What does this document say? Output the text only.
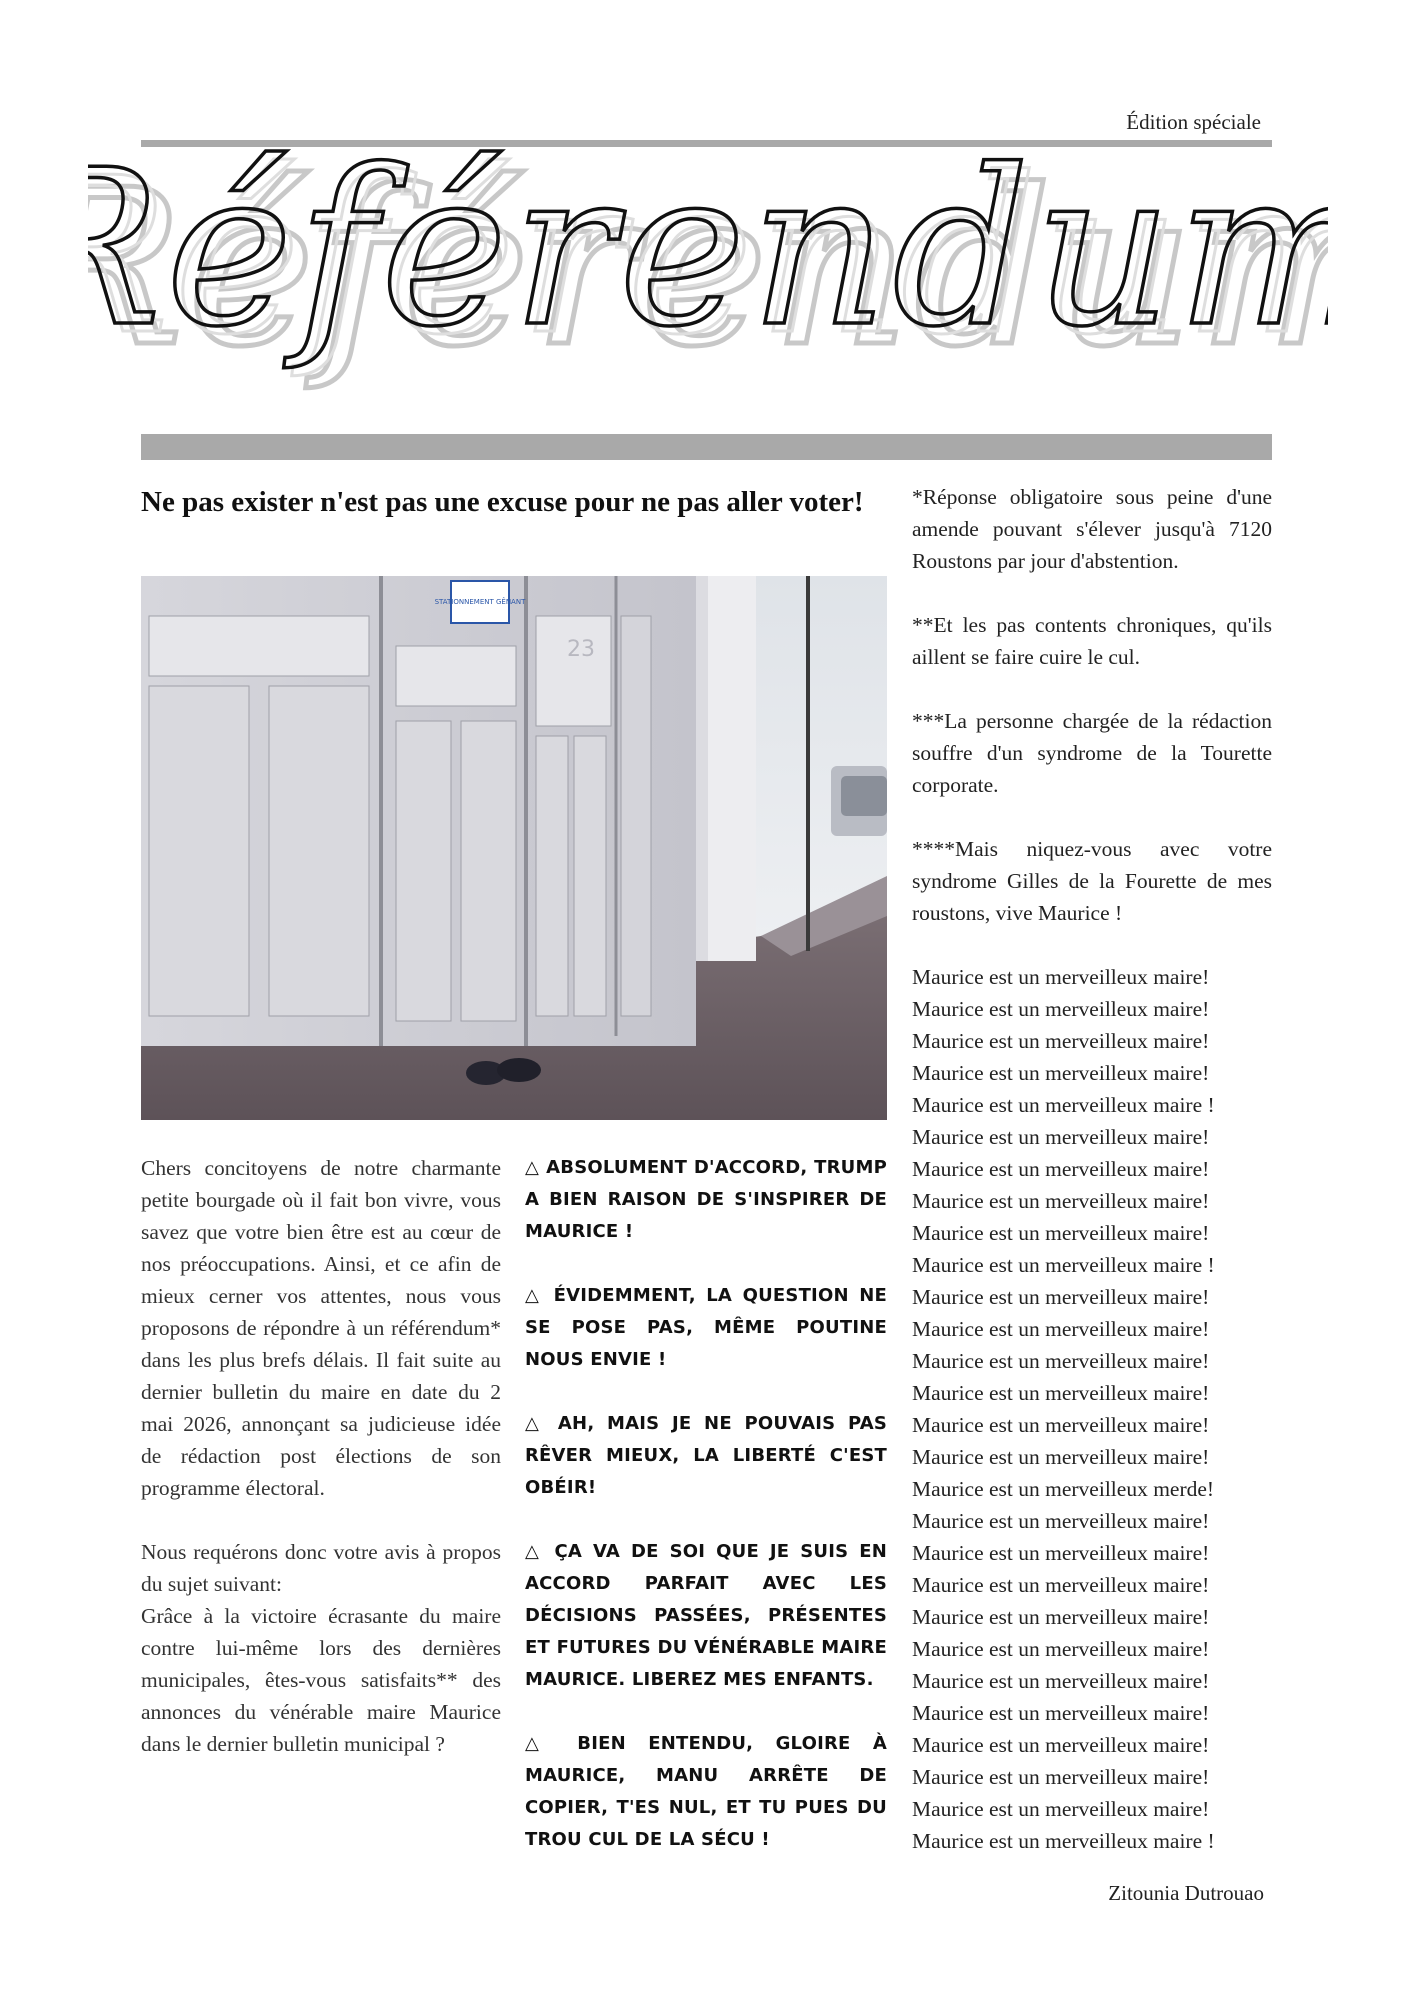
Édition spéciale
éférendu
éférendum
éférendum
Ne pas exister n'est pas une excuse pour ne pas aller voter!
STATIONNEMENT GÊNANT
23

Chers concitoyens de notre charmante petite bourgade où il fait bon vivre, vous savez que votre bien être est au cœur de nos préoccupations. Ainsi, et ce afin de mieux cerner vos attentes, nous vous proposons de répondre à un référendum* dans les plus brefs délais. Il fait suite au dernier bulletin du maire en date du 2 mai 2026, annonçant sa judicieuse idée de rédaction post élections de son programme électoral.

Nous requérons donc votre avis à propos du sujet suivant:
Grâce à la victoire écrasante du maire contre lui-même lors des dernières municipales, êtes-vous satisfaits** des annonces du vénérable maire Maurice dans le dernier bulletin municipal ?

△ ABSOLUMENT D'ACCORD, TRUMP A BIEN RAISON DE S'INSPIRER DE MAURICE !

△ ÉVIDEMMENT, LA QUESTION NE SE POSE PAS, MÊME POUTINE NOUS ENVIE !

△ AH, MAIS JE NE POUVAIS PAS RÊVER MIEUX, LA LIBERTÉ C'EST OBÉIR!

△ ÇA VA DE SOI QUE JE SUIS EN ACCORD PARFAIT AVEC LES DÉCISIONS PASSÉES, PRÉSENTES ET FUTURES DU VÉNÉRABLE MAIRE MAURICE. LIBEREZ MES ENFANTS.

△ BIEN ENTENDU, GLOIRE À MAURICE, MANU ARRÊTE DE COPIER, T'ES NUL, ET TU PUES DU TROU CUL DE LA SÉCU !

*Réponse obligatoire sous peine d'une amende pouvant s'élever jusqu'à 7120 Roustons par jour d'abstention.

**Et les pas contents chroniques, qu'ils aillent se faire cuire le cul.

***La personne chargée de la rédaction souffre d'un syndrome de la Tourette corporate.

****Mais niquez-vous avec votre syndrome Gilles de la Fourette de mes roustons, vive Maurice !

Maurice est un merveilleux maire!
Maurice est un merveilleux maire!
Maurice est un merveilleux maire!
Maurice est un merveilleux maire!
Maurice est un merveilleux maire !
Maurice est un merveilleux maire!
Maurice est un merveilleux maire!
Maurice est un merveilleux maire!
Maurice est un merveilleux maire!
Maurice est un merveilleux maire !
Maurice est un merveilleux maire!
Maurice est un merveilleux maire!
Maurice est un merveilleux maire!
Maurice est un merveilleux maire!
Maurice est un merveilleux maire!
Maurice est un merveilleux maire!
Maurice est un merveilleux merde!
Maurice est un merveilleux maire!
Maurice est un merveilleux maire!
Maurice est un merveilleux maire!
Maurice est un merveilleux maire!
Maurice est un merveilleux maire!
Maurice est un merveilleux maire!
Maurice est un merveilleux maire!
Maurice est un merveilleux maire!
Maurice est un merveilleux maire!
Maurice est un merveilleux maire!
Maurice est un merveilleux maire !
Zitounia Dutrouao
